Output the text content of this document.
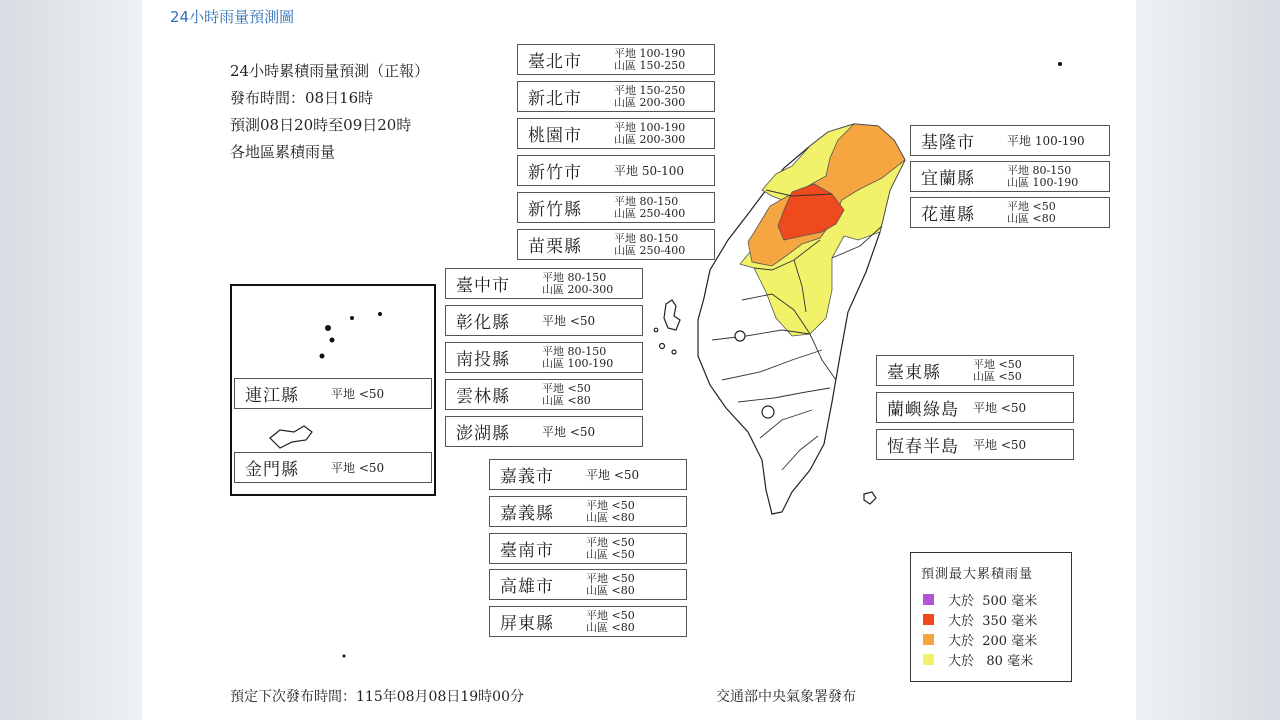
24小時雨量預測圖
24小時累積雨量預測（正報）
發布時間：08日16時
預測08日20時至09日20時
各地區累積雨量
臺北市	平地 100-190
山區 150-250
新北市	平地 150-250
山區 200-300
桃園市	平地 100-190
山區 200-300
新竹市	平地 50-100
新竹縣	平地 80-150
山區 250-400
苗栗縣	平地 80-150
山區 250-400
臺中市	平地 80-150
山區 200-300
彰化縣	平地 <50
南投縣	平地 80-150
山區 100-190
雲林縣	平地 <50
山區 <80
澎湖縣	平地 <50
嘉義市	平地 <50
嘉義縣	平地 <50
山區 <80
臺南市	平地 <50
山區 <50
高雄市	平地 <50
山區 <80
屏東縣	平地 <50
山區 <80
基隆市	平地 100-190
宜蘭縣	平地 80-150
山區 100-190
花蓮縣	平地 <50
山區 <80
臺東縣	平地 <50
山區 <50
蘭嶼綠島 平地 <50
恆春半島 平地 <50
連江縣	平地 <50
金門縣	平地 <50
預測最大累積雨量
大於  500 毫米
大於  350 毫米
大於  200 毫米
大於   80 毫米
預定下次發布時間：115年08月08日19時00分	交通部中央氣象署發布
